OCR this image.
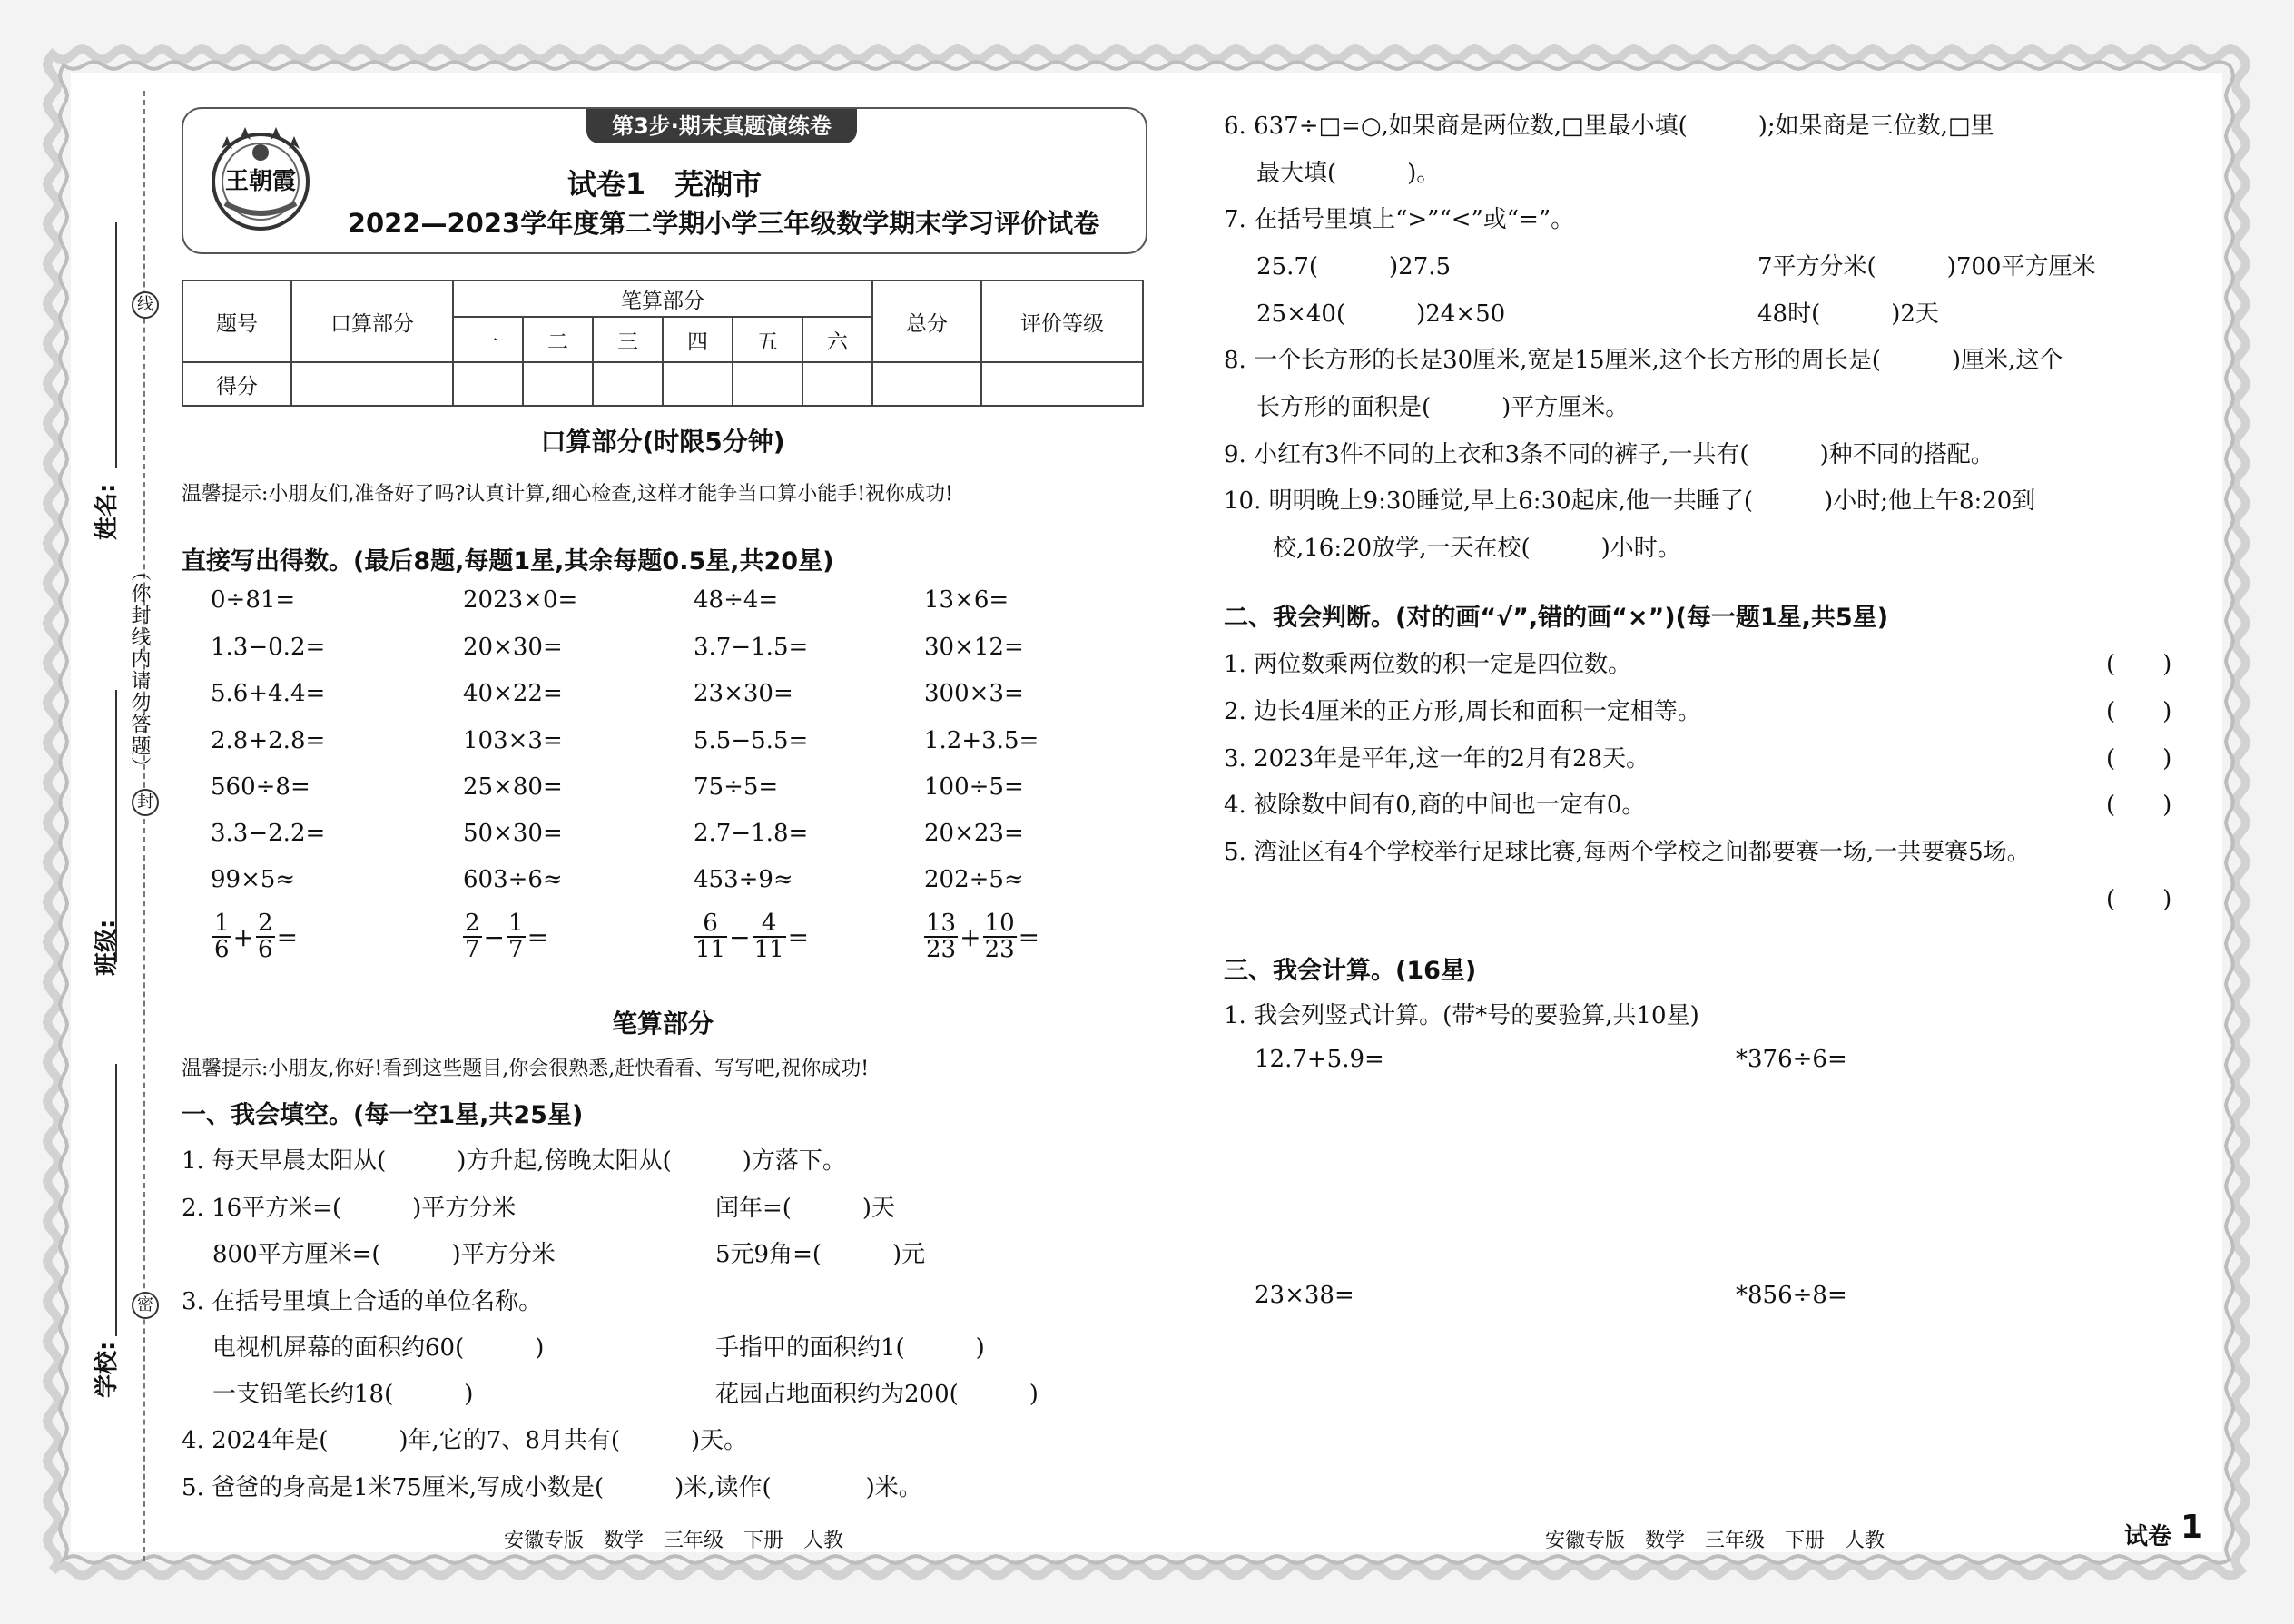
线
封
密
（你封线内请勿答题）
姓名:
班级:
学校:
第3步·期末真题演练卷
王朝霞	试卷1　芜湖市
2022—2023学年度第二学期小学三年级数学期末学习评价试卷
题号	口算部分	笔算部分						总分	评价等级
		一	二	三	四	五	六		
得分									
口算部分(时限5分钟)
温馨提示:小朋友们,准备好了吗?认真计算,细心检查,这样才能争当口算小能手!祝你成功!
直接写出得数。(最后8题,每题1星,其余每题0.5星,共20星)
0÷81=	2023×0=	48÷4=	13×6=
1.3−0.2=	20×30=	3.7−1.5=	30×12=
5.6+4.4=	40×22=	23×30=	300×3=
2.8+2.8=	103×3=	5.5−5.5=	1.2+3.5=
560÷8=	25×80=	75÷5=	100÷5=
3.3−2.2=	50×30=	2.7−1.8=	20×23=
99×5≈	603÷6≈	453÷9≈	202÷5≈
$\frac{1}{6} + \frac{2}{6}$ =	$\frac{2}{7} - \frac{1}{7}$ =	$\frac{6}{11} - \frac{4}{11}$ =	$\frac{13}{23} + \frac{10}{23}$ =
笔算部分
温馨提示:小朋友,你好!看到这些题目,你会很熟悉,赶快看看、写写吧,祝你成功!
一、我会填空。(每一空1星,共25星)
1. 每天早晨太阳从(　　　)方升起,傍晚太阳从(　　　)方落下。
2. 16平方米=(　　　)平方分米	闰年=(　　　)天
800平方厘米=(　　　)平方分米	5元9角=(　　　)元
3. 在括号里填上合适的单位名称。
电视机屏幕的面积约60(　　　)	手指甲的面积约1(　　　)
一支铅笔长约18(　　　)	花园占地面积约为200(　　　)
4. 2024年是(　　　)年,它的7、8月共有(　　　)天。
5. 爸爸的身高是1米75厘米,写成小数是(　　　)米,读作(　　　　)米。
安徽专版　数学　三年级　下册　人教
6. 637÷□=○,如果商是两位数,□里最小填(　　　);如果商是三位数,□里
最大填(　　　)。
7. 在括号里填上“>”“<”或“=”。
25.7(　　　)27.5	7平方分米(　　　)700平方厘米
25×40(　　　)24×50	48时(　　　)2天
8. 一个长方形的长是30厘米,宽是15厘米,这个长方形的周长是(　　　)厘米,这个
长方形的面积是(　　　)平方厘米。
9. 小红有3件不同的上衣和3条不同的裤子,一共有(　　　)种不同的搭配。
10. 明明晚上9:30睡觉,早上6:30起床,他一共睡了(　　　)小时;他上午8:20到
校,16:20放学,一天在校(　　　)小时。
二、我会判断。(对的画“√”,错的画“×”)(每一题1星,共5星)
1. 两位数乘两位数的积一定是四位数。	(　　)
2. 边长4厘米的正方形,周长和面积一定相等。	(　　)
3. 2023年是平年,这一年的2月有28天。	(　　)
4. 被除数中间有0,商的中间也一定有0。	(　　)
5. 湾沚区有4个学校举行足球比赛,每两个学校之间都要赛一场,一共要赛5场。
(　　)
三、我会计算。(16星)
1. 我会列竖式计算。(带*号的要验算,共10星)
12.7+5.9=	*376÷6=
23×38=	*856÷8=
安徽专版　数学　三年级　下册　人教	试卷 1
